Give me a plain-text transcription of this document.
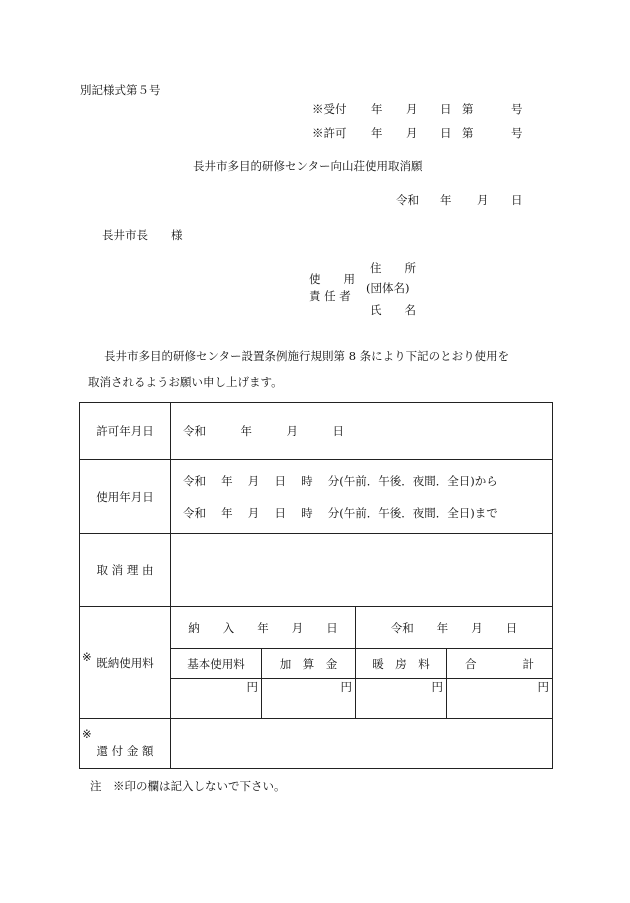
別記様式第５号
※受付 年 月 日 第	号
※許可 年 月 日 第	号
長井市多目的研修センター向山荘使用取消願
令和 年 月 日
長井市長　　様
使　　用
責 任 者
住　　所
(団体名)
氏　　名
長井市多目的研修センター設置条例施行規則第 8 条により下記のとおり使用を
取消されるようお願い申し上げます。
許可年月日	令和　　　年　　　月　　　日			
使用年月日	令和　 年　 月　 日　 時　 分(午前．午後．夜間．全日)から
令和　 年　 月　 日　 時　 分(午前．午後．夜間．全日)まで			

取 消 理 由				

※ 既納使用料	納　　入　　年　　月　　日		令和　　年　　月　　日	
	基本使用料	加　算　金	暖　房　料	合　　　　計
	円	円	円	円

※
還 付 金 額				

注　※印の欄は記入しないで下さい。
